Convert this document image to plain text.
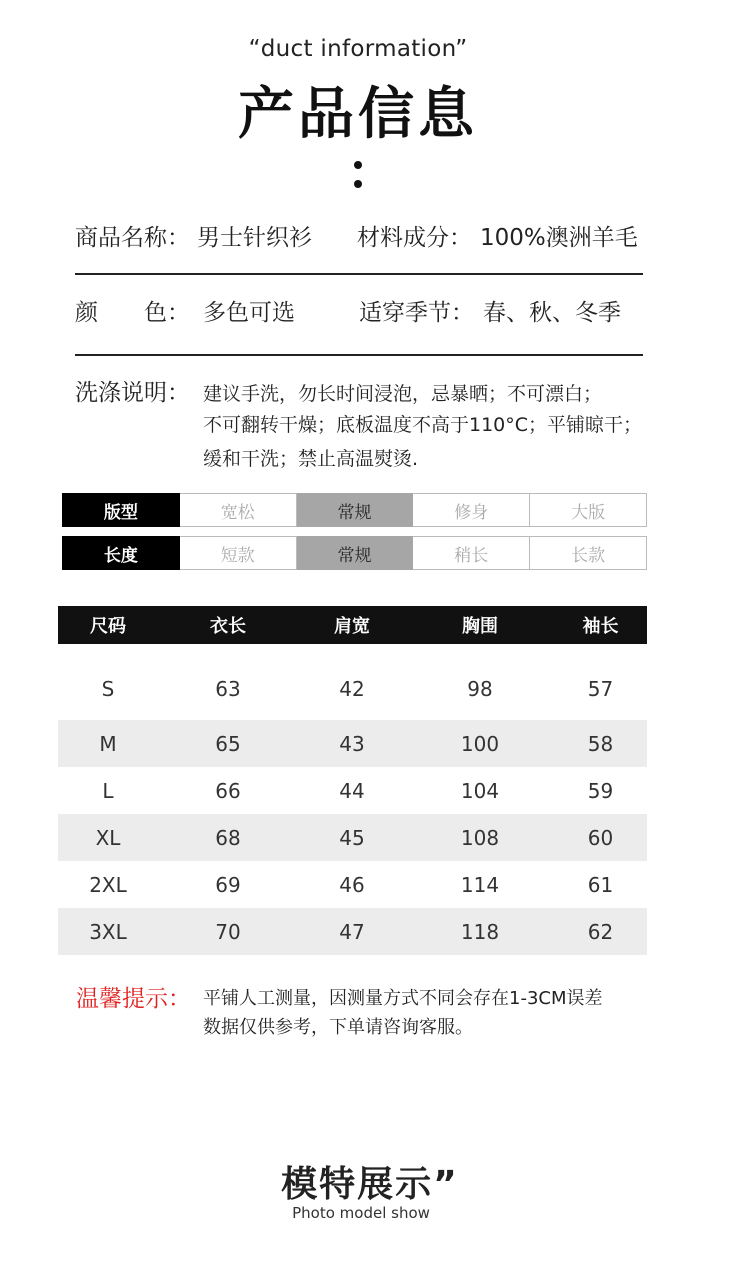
“duct information”
产品信息
商品名称： 男士针织衫 材料成分： 100%澳洲羊毛
颜　　色： 多色可选	适穿季节： 春、秋、冬季
洗涤说明： 建议手洗，勿长时间浸泡，忌暴晒；不可漂白；
不可翻转干燥；底板温度不高于110°C；平铺晾干；
缓和干洗；禁止高温熨烫.
版型	宽松	常规	修身	大版
长度	短款	常规	稍长	长款
尺码	衣长	肩宽	胸围	袖长
S	63	42	98	57
M	65	43	100	58
L	66	44	104	59
XL	68	45	108	60
2XL	69	46	114	61
3XL	70	47	118	62
温馨提示： 平铺人工测量，因测量方式不同会存在1-3CM误差
数据仅供参考，下单请咨询客服。
模特展示”
Photo model show
